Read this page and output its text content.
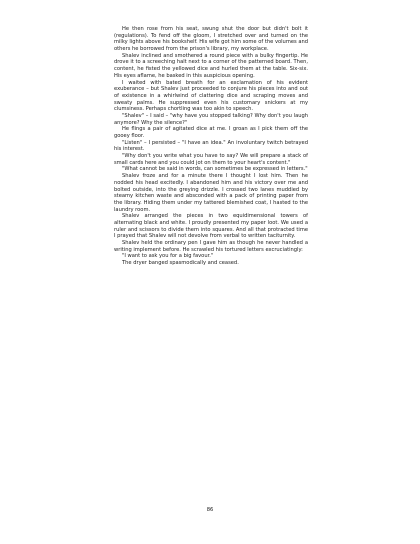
He then rose from his seat, swung shut the door but didn't bolt it (regulations). To fend off the gloom, I stretched over and turned on the milky lights above his bookshelf. His wife got him some of the volumes and others he borrowed from the prison's library, my workplace.

Shalev inclined and smothered a round piece with a bulky fingertip. He drove it to a screeching halt next to a corner of the patterned board. Then, content, he fisted the yellowed dice and hurled them at the table. Six-six. His eyes aflame, he basked in this auspicious opening.

I waited with bated breath for an exclamation of his evident exuberance – but Shalev just proceeded to conjure his pieces into and out of existence in a whirlwind of clattering dice and scraping moves and sweaty palms. He suppressed even his customary snickers at my clumsiness. Perhaps chortling was too akin to speech.

"Shalev" – I said – "why have you stopped talking? Why don't you laugh anymore? Why the silence?"

He flings a pair of agitated dice at me. I groan as I pick them off the gooey floor.

"Listen" – I persisted – "I have an idea." An involuntary twitch betrayed his interest.

"Why don't you write what you have to say? We will prepare a stack of small cards here and you could jot on them to your heart's content."

"What cannot be said in words, can sometimes be expressed in letters."

Shalev froze and for a minute there I thought I lost him. Then he nodded his head excitedly. I abandoned him and his victory over me and bolted outside, into the greying drizzle. I crossed two lanes muddied by steamy kitchen waste and absconded with a pack of printing paper from the library. Hiding them under my tattered blemished coat, I hasted to the laundry room.

Shalev arranged the pieces in two equidimensional towers of alternating black and white. I proudly presented my paper loot. We used a ruler and scissors to divide them into squares. And all that protracted time I prayed that Shalev will not devolve from verbal to written taciturnity.

Shalev held the ordinary pen I gave him as though he never handled a writing implement before. He scrawled his tortured letters excruciatingly:

"I want to ask you for a big favour."

The dryer banged spasmodically and ceased.

86
